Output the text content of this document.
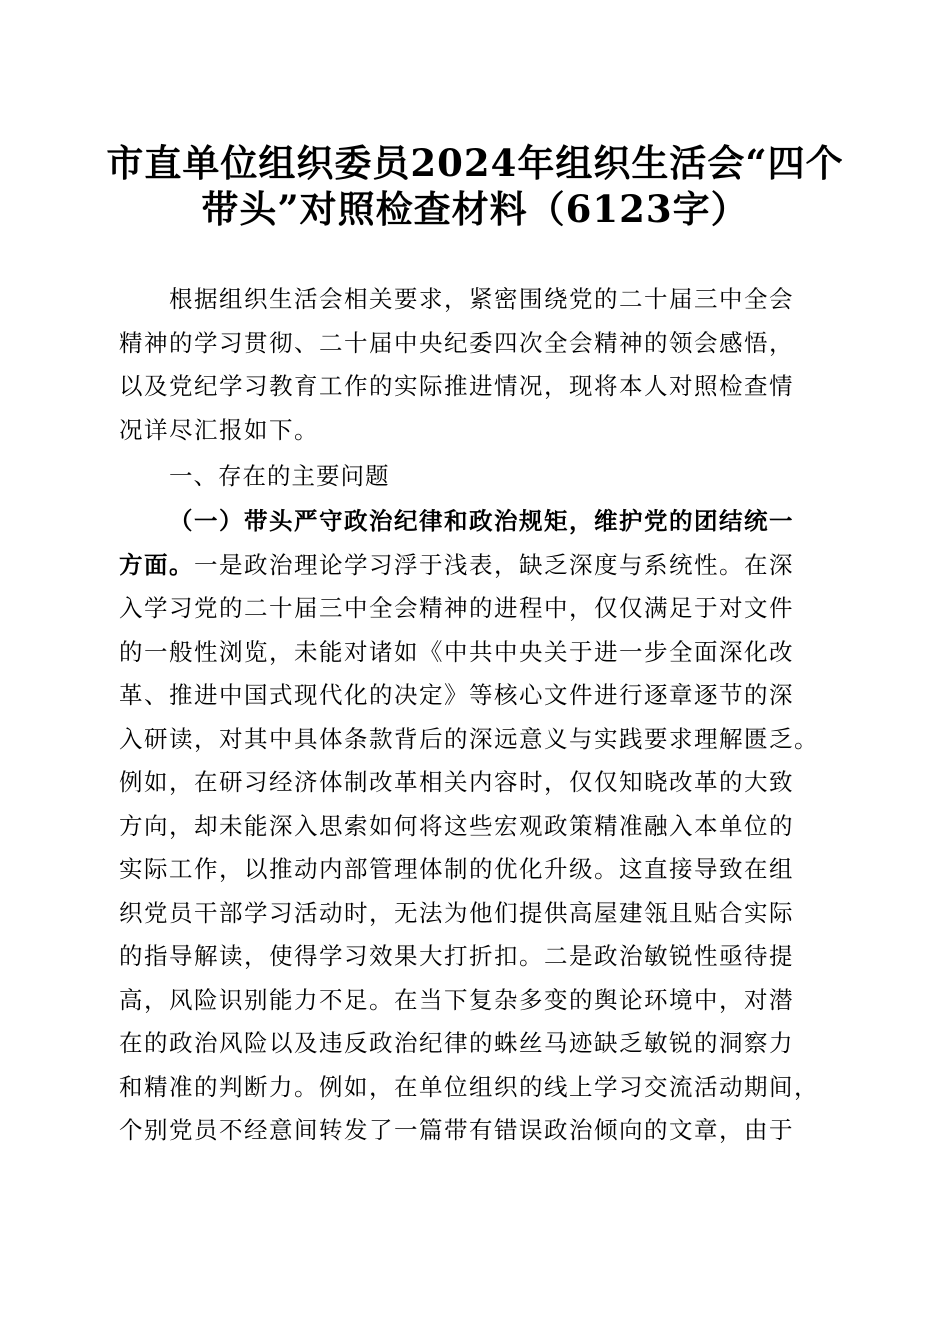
市直单位组织委员2024年组织生活会“四个
带头”对照检查材料（6123字）
根据组织生活会相关要求，紧密围绕党的二十届三中全会
精神的学习贯彻、二十届中央纪委四次全会精神的领会感悟，
以及党纪学习教育工作的实际推进情况，现将本人对照检查情
况详尽汇报如下。
一、存在的主要问题
（一）带头严守政治纪律和政治规矩，维护党的团结统一
方面。一是政治理论学习浮于浅表，缺乏深度与系统性。在深
入学习党的二十届三中全会精神的进程中，仅仅满足于对文件
的一般性浏览，未能对诸如《中共中央关于进一步全面深化改
革、推进中国式现代化的决定》等核心文件进行逐章逐节的深
入研读，对其中具体条款背后的深远意义与实践要求理解匮乏。
例如，在研习经济体制改革相关内容时，仅仅知晓改革的大致
方向，却未能深入思索如何将这些宏观政策精准融入本单位的
实际工作，以推动内部管理体制的优化升级。这直接导致在组
织党员干部学习活动时，无法为他们提供高屋建瓴且贴合实际
的指导解读，使得学习效果大打折扣。二是政治敏锐性亟待提
高，风险识别能力不足。在当下复杂多变的舆论环境中，对潜
在的政治风险以及违反政治纪律的蛛丝马迹缺乏敏锐的洞察力
和精准的判断力。例如，在单位组织的线上学习交流活动期间，
个别党员不经意间转发了一篇带有错误政治倾向的文章，由于
